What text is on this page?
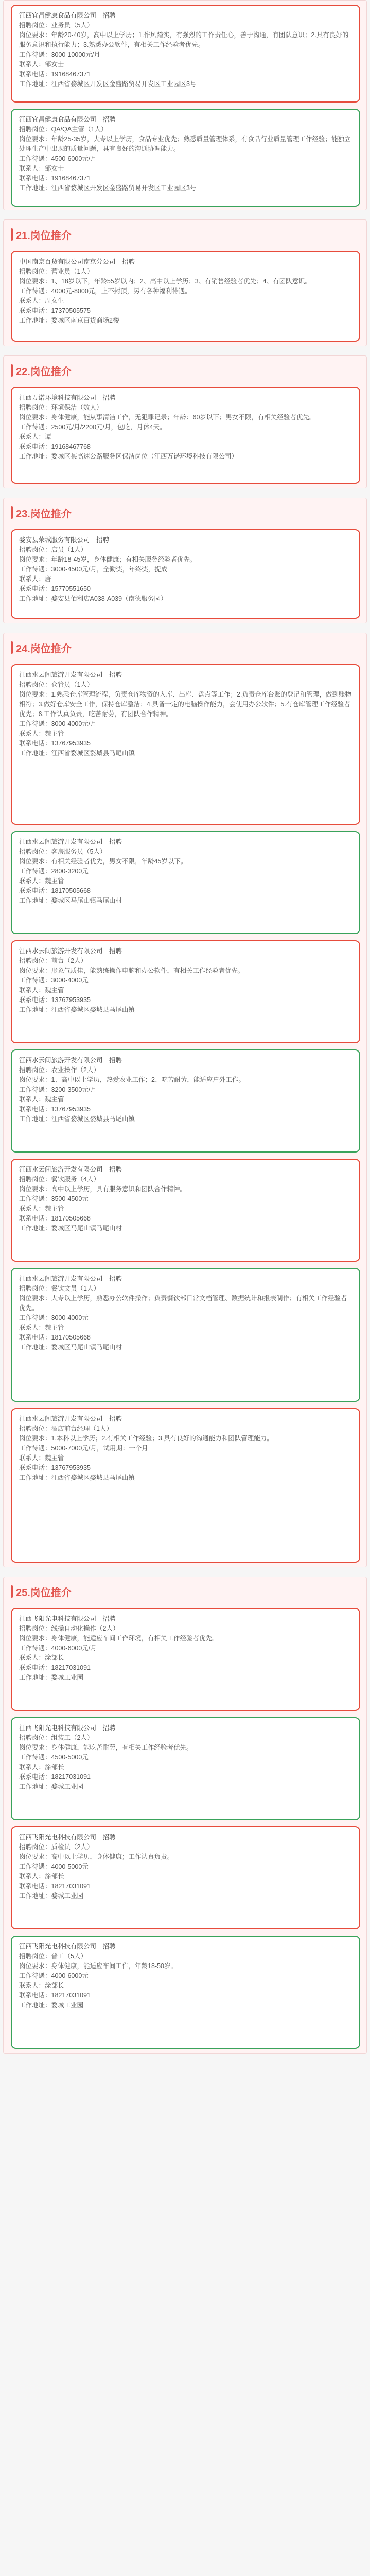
江西宜昌健康食品有限公司　招聘

招聘岗位：业务员（5人）

岗位要求：年龄20-40岁，高中以上学历；1.作风踏实，有强烈的工作责任心，善于沟通，有团队意识；2.具有良好的服务意识和执行能力；3.熟悉办公软件，有相关工作经验者优先。

工作待遇：3000-10000元/月

联系人：邹女士

联系电话：19168467371

工作地址：江西省婺城区开发区金盛路贸易开发区工业园区3号

江西宜昌健康食品有限公司　招聘

招聘岗位：QA/QA主管（1人）

岗位要求：年龄25-35岁，大专以上学历，食品专业优先；熟悉质量管理体系，有食品行业质量管理工作经验；能独立处理生产中出现的质量问题，具有良好的沟通协调能力。

工作待遇：4500-6000元/月

联系人：邹女士

联系电话：19168467371

工作地址：江西省婺城区开发区金盛路贸易开发区工业园区3号

21.岗位推介

中国南京百货有限公司南京分公司　招聘

招聘岗位：营业员（1人）

岗位要求：1、18岁以下，年龄55岁以内；2、高中以上学历；3、有销售经验者优先；4、有团队意识。

工作待遇：4000元-8000元，上不封顶，另有各种福利待遇。

联系人：周女生

联系电话：17370505575

工作地址：婺城区南京百货商场2楼

22.岗位推介

江西万诺环境科技有限公司　招聘

招聘岗位：环境保洁（数人）

岗位要求：身体健康，能从事清洁工作，无犯罪记录；年龄：60岁以下；男女不限，有相关经验者优先。

工作待遇：2500元/月/2200元/月，包吃，月休4天。

联系人：谭

联系电话：19168467768

工作地址：婺城区某高速公路服务区保洁岗位（江西万诺环境科技有限公司）

23.岗位推介

婺安县荣城服务有限公司　招聘

招聘岗位：店员（1人）

岗位要求：年龄18-45岁，身体健康；有相关服务经验者优先。

工作待遇：3000-4500元/月，全勤奖，年终奖，提成

联系人：唐

联系电话：15770551650

工作地址：婺安县佰利店A038-A039（南德服务园）

24.岗位推介

江西水云间旅游开发有限公司　招聘

招聘岗位：仓管员（1人）

岗位要求：1.熟悉仓库管理流程，负责仓库物资的入库、出库、盘点等工作；2.负责仓库台账的登记和管理，做到账物相符；3.做好仓库安全工作，保持仓库整洁；4.具备一定的电脑操作能力，会使用办公软件；5.有仓库管理工作经验者优先；6.工作认真负责，吃苦耐劳，有团队合作精神。

工作待遇：3000-4000元/月

联系人：魏主管

联系电话：13767953935

工作地址：江西省婺城区婺城县马尾山镇

江西水云间旅游开发有限公司　招聘

招聘岗位：客房服务员（5人）

岗位要求：有相关经验者优先，男女不限，年龄45岁以下。

工作待遇：2800-3200元

联系人：魏主管

联系电话：18170505668

工作地址：婺城区马尾山镇马尾山村

江西水云间旅游开发有限公司　招聘

招聘岗位：前台（2人）

岗位要求：形象气质佳，能熟练操作电脑和办公软件，有相关工作经验者优先。

工作待遇：3000-4000元

联系人：魏主管

联系电话：13767953935

工作地址：江西省婺城区婺城县马尾山镇

江西水云间旅游开发有限公司　招聘

招聘岗位：农业操作（2人）

岗位要求：1、高中以上学历，热爱农业工作；2、吃苦耐劳，能适应户外工作。

工作待遇：3200-3500元/月

联系人：魏主管

联系电话：13767953935

工作地址：江西省婺城区婺城县马尾山镇

江西水云间旅游开发有限公司　招聘

招聘岗位：餐饮服务（4人）

岗位要求：高中以上学历，具有服务意识和团队合作精神。

工作待遇：3500-4500元

联系人：魏主管

联系电话：18170505668

工作地址：婺城区马尾山镇马尾山村

江西水云间旅游开发有限公司　招聘

招聘岗位：餐饮文员（1人）

岗位要求：大专以上学历，熟悉办公软件操作；负责餐饮部日常文档管理、数据统计和报表制作；有相关工作经验者优先。

工作待遇：3000-4000元

联系人：魏主管

联系电话：18170505668

工作地址：婺城区马尾山镇马尾山村

江西水云间旅游开发有限公司　招聘

招聘岗位：酒店前台经理（1人）

岗位要求：1.本科以上学历；2.有相关工作经验；3.具有良好的沟通能力和团队管理能力。

工作待遇：5000-7000元/月，试用期：一个月

联系人：魏主管

联系电话：13767953935

工作地址：江西省婺城区婺城县马尾山镇

25.岗位推介

江西飞阳光电科技有限公司　招聘

招聘岗位：线操自动化操作（2人）

岗位要求：身体健康，能适应车间工作环境，有相关工作经验者优先。

工作待遇：4000-6000元/月

联系人：涂部长

联系电话：18217031091

工作地址：婺城工业园

江西飞阳光电科技有限公司　招聘

招聘岗位：组装工（2人）

岗位要求：身体健康，能吃苦耐劳，有相关工作经验者优先。

工作待遇：4500-5000元

联系人：涂部长

联系电话：18217031091

工作地址：婺城工业园

江西飞阳光电科技有限公司　招聘

招聘岗位：质检员（2人）

岗位要求：高中以上学历，身体健康；工作认真负责。

工作待遇：4000-5000元

联系人：涂部长

联系电话：18217031091

工作地址：婺城工业园

江西飞阳光电科技有限公司　招聘

招聘岗位：普工（5人）

岗位要求：身体健康，能适应车间工作，年龄18-50岁。

工作待遇：4000-6000元

联系人：涂部长

联系电话：18217031091

工作地址：婺城工业园
